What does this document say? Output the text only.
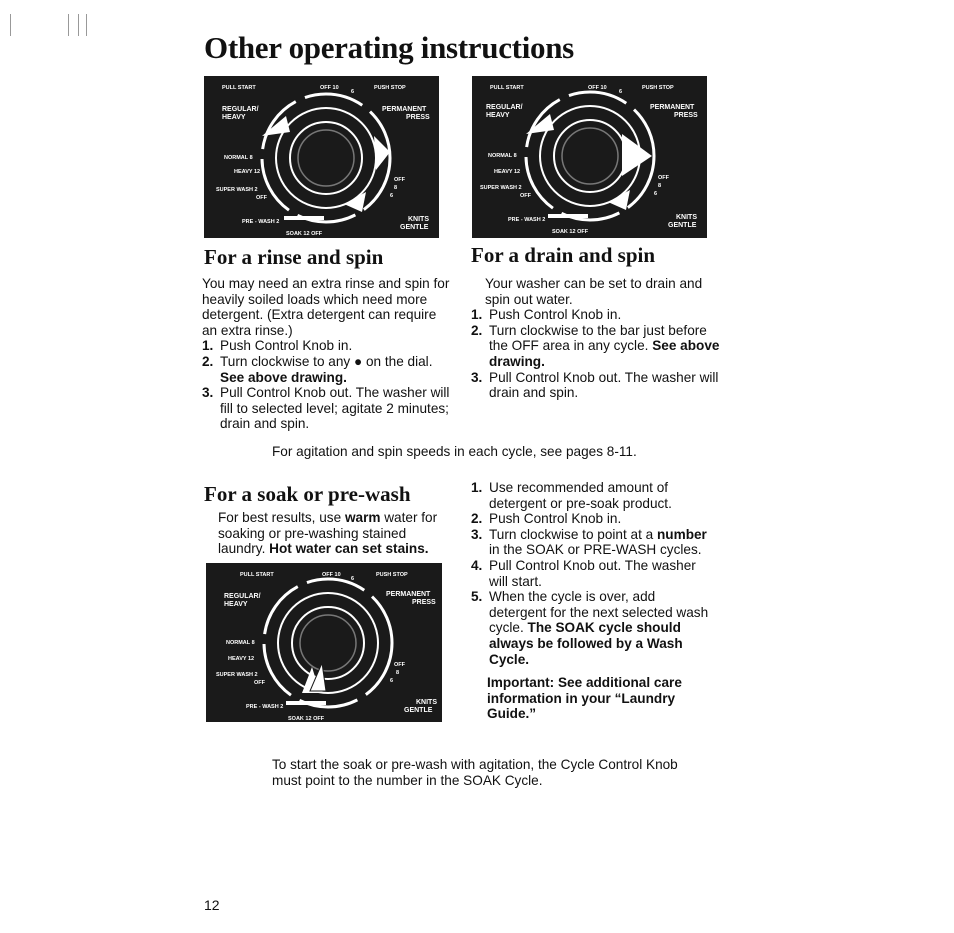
Other operating instructions
PULL START	OFF 10
6
PUSH STOP
REGULAR/
HEAVY
PERMANENT
PRESS
NORMAL 8
HEAVY 12
SUPER WASH 2
OFF
OFF
8
6
PRE - WASH 2
SOAK 12 OFF
KNITS
GENTLE
PULL START	OFF 10
6
PUSH STOP
REGULAR/
HEAVY
PERMANENT
PRESS
NORMAL 8
HEAVY 12
SUPER WASH 2
OFF
OFF
8
6
PRE - WASH 2
SOAK 12 OFF
KNITS
GENTLE
For a rinse and spin
You may need an extra rinse and spin for heavily soiled loads which need more detergent. (Extra detergent can require an extra rinse.)
1. Push Control Knob in.
2. Turn clockwise to any ● on the dial.
See above drawing.
3. Pull Control Knob out. The washer will fill to selected level; agitate 2 minutes; drain and spin.
For a drain and spin
Your washer can be set to drain and spin out water.
1. Push Control Knob in.
2. Turn clockwise to the bar just before the OFF area in any cycle. See above drawing.
3. Pull Control Knob out. The washer will drain and spin.
For agitation and spin speeds in each cycle, see pages 8-11.
For a soak or pre-wash
For best results, use warm water for soaking or pre-washing stained laundry. Hot water can set stains.
PULL START	OFF 10
6
PUSH STOP
REGULAR/
HEAVY
PERMANENT
PRESS
NORMAL 8
HEAVY 12
SUPER WASH 2
OFF
OFF
8
6
PRE - WASH 2
SOAK 12 OFF
KNITS
GENTLE
1. Use recommended amount of detergent or pre-soak product.
2. Push Control Knob in.
3. Turn clockwise to point at a number in the SOAK or PRE-WASH cycles.
4. Pull Control Knob out. The washer will start.
5. When the cycle is over, add detergent for the next selected wash cycle. The SOAK cycle should always be followed by a Wash Cycle.
Important: See additional care information in your “Laundry Guide.”
To start the soak or pre-wash with agitation, the Cycle Control Knob must point to the number in the SOAK Cycle.
12
